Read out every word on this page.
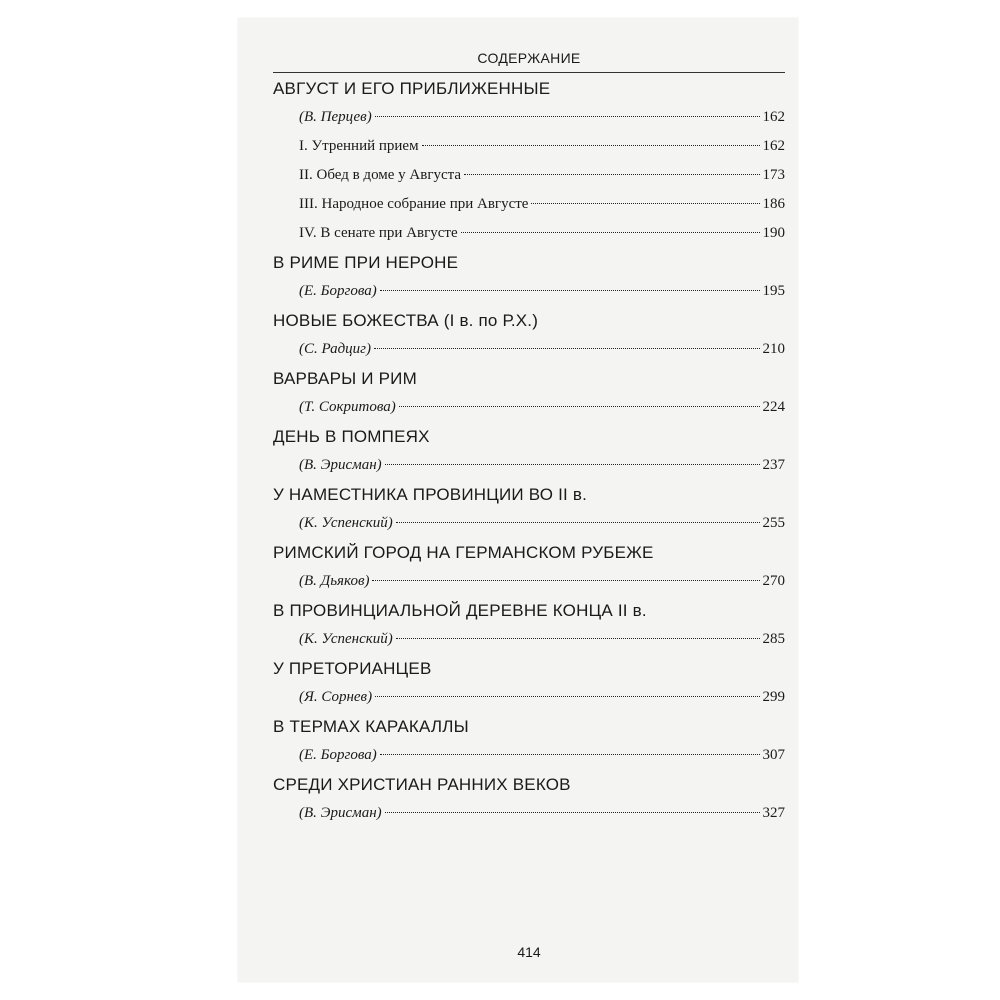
СОДЕРЖАНИЕ
АВГУСТ И ЕГО ПРИБЛИЖЕННЫЕ
(В. Перцев)	162
I. Утренний прием	162
II. Обед в доме у Августа	173
III. Народное собрание при Августе	186
IV. В сенате при Августе	190
В РИМЕ ПРИ НЕРОНЕ
(Е. Боргова)	195
НОВЫЕ БОЖЕСТВА (I в. по Р.Х.)
(С. Радциг)	210
ВАРВАРЫ И РИМ
(Т. Сокритова)	224
ДЕНЬ В ПОМПЕЯХ
(В. Эрисман)	237
У НАМЕСТНИКА ПРОВИНЦИИ ВО II в.
(К. Успенский)	255
РИМСКИЙ ГОРОД НА ГЕРМАНСКОМ РУБЕЖЕ
(В. Дьяков)	270
В ПРОВИНЦИАЛЬНОЙ ДЕРЕВНЕ КОНЦА II в.
(К. Успенский)	285
У ПРЕТОРИАНЦЕВ
(Я. Сорнев)	299
В ТЕРМАХ КАРАКАЛЛЫ
(Е. Боргова)	307
СРЕДИ ХРИСТИАН РАННИХ ВЕКОВ
(В. Эрисман)	327
414
